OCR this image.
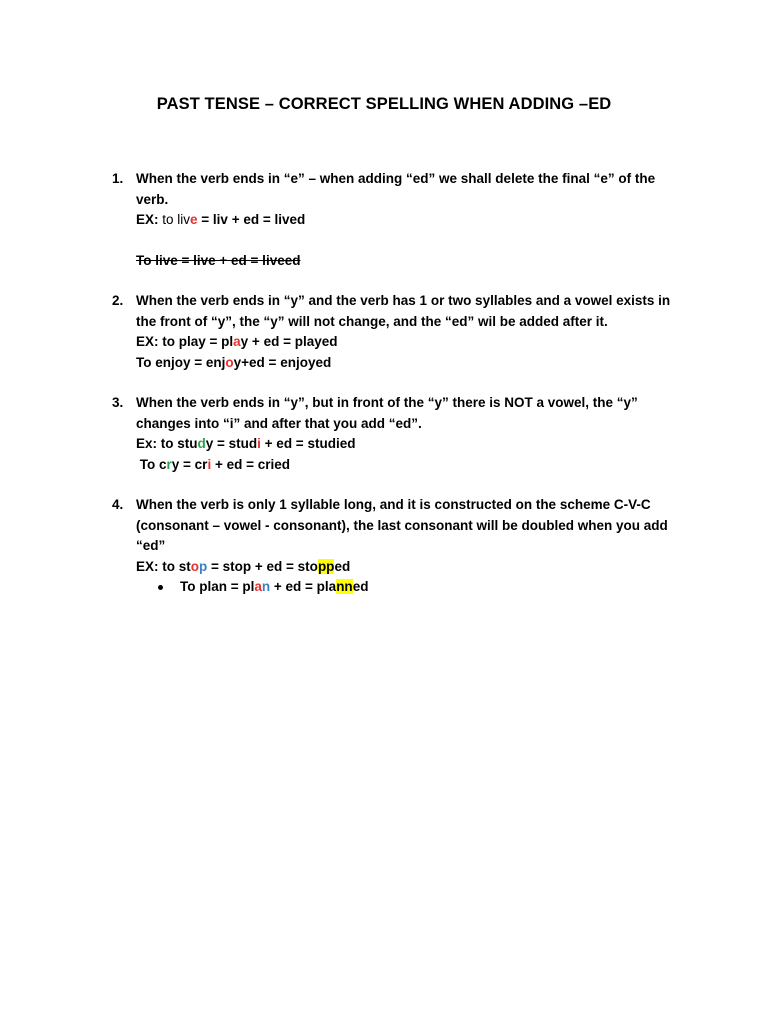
PAST TENSE – CORRECT SPELLING WHEN ADDING –ED
1. When the verb ends in “e” – when adding “ed” we shall delete the final “e” of the
verb.
EX: to live = liv + ed = lived
To live = live + ed = liveed
2. When the verb ends in “y” and the verb has 1 or two syllables and a vowel exists in
the front of “y”, the “y” will not change, and the “ed” wil be added after it.
EX: to play = play + ed = played
To enjoy = enjoy+ed = enjoyed
3. When the verb ends in “y”, but in front of the “y” there is NOT a vowel, the “y”
changes into “i” and after that you add “ed”.
Ex: to study = studi + ed = studied
To cry = cri + ed = cried
4. When the verb is only 1 syllable long, and it is constructed on the scheme C-V-C
(consonant – vowel - consonant), the last consonant will be doubled when you add
“ed”
EX: to stop = stop + ed = stopped
To plan = plan + ed = planned
